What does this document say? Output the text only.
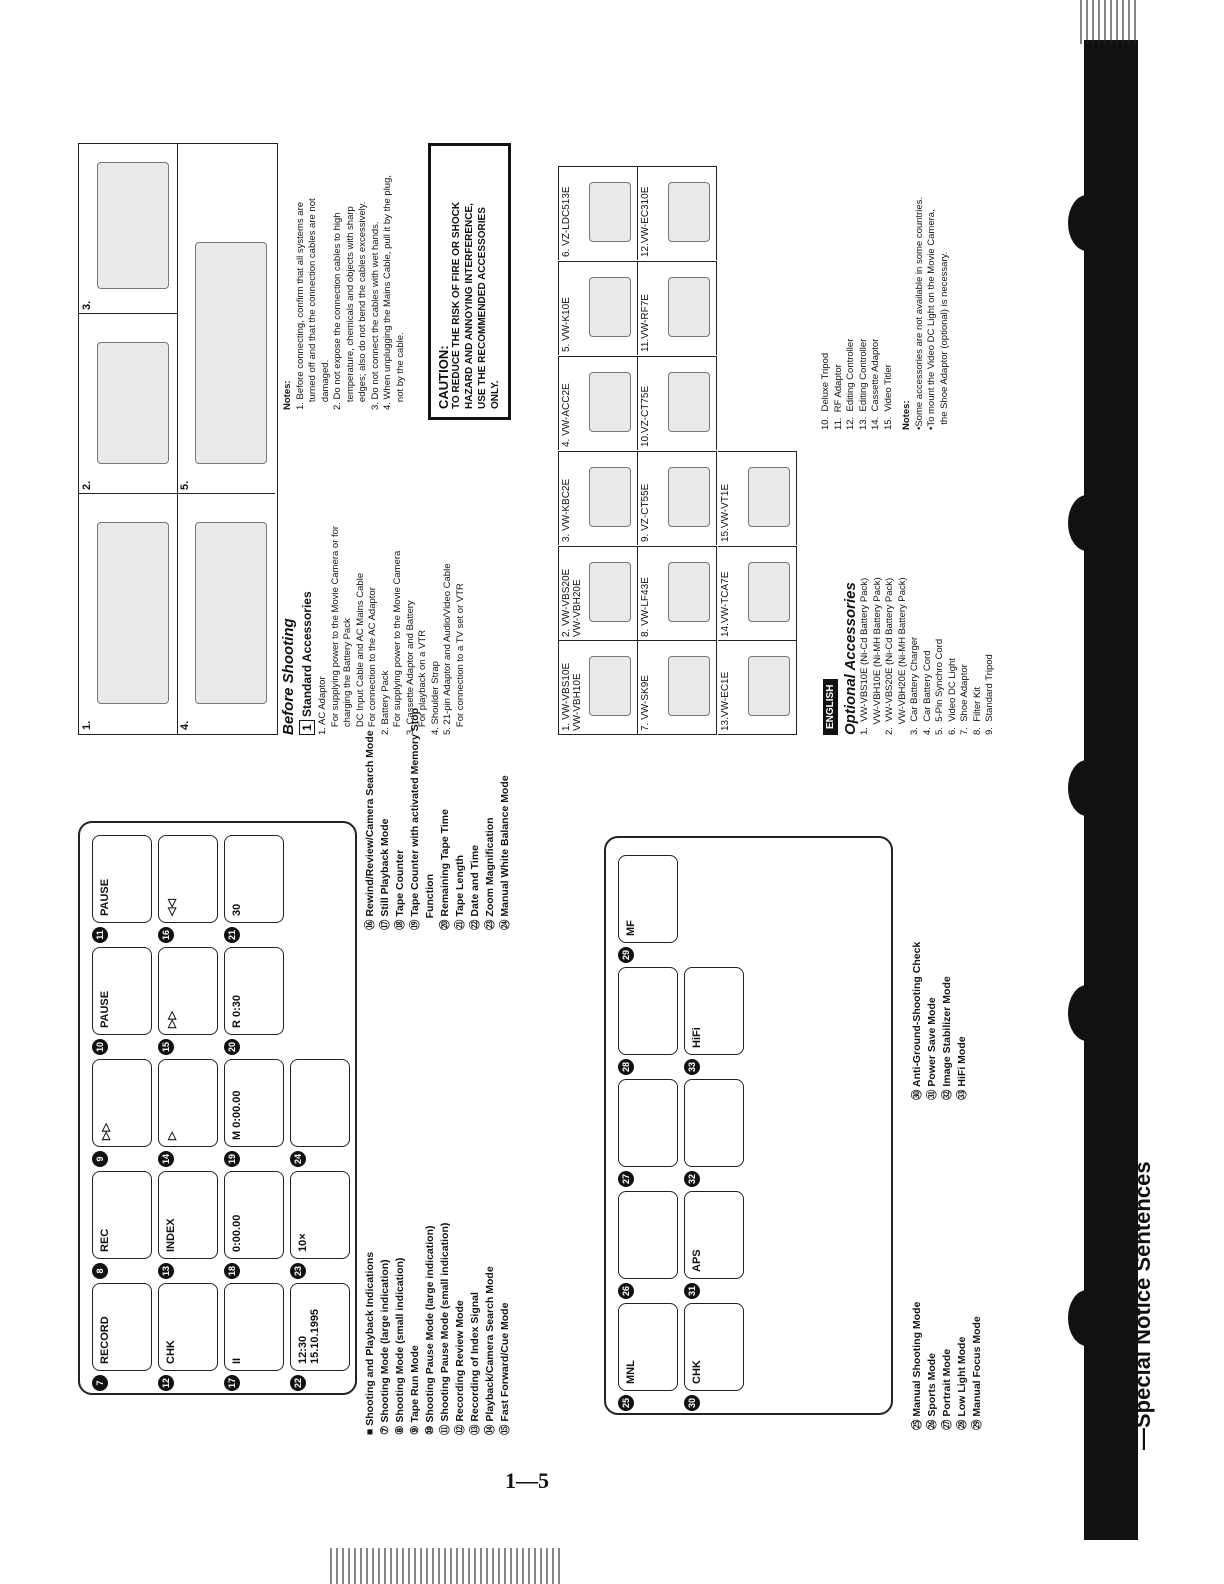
—Special Notice Sentences
1—5
7
RECORD
8
REC
9
▷▷
10
PAUSE
11
PAUSE
12
CHK
13
INDEX
14
▷
15
▷▷
16
◁◁
17
II
18
0:00.00
19
M 0:00.00
20
R 0:30
21
30
22
12:30 15.10.1995
23
10×
24
■ Shooting and Playback Indications ⑦ Shooting Mode (large indication) ⑧ Shooting Mode (small indication) ⑨ Tape Run Mode ⑩ Shooting Pause Mode (large indication) ⑪ Shooting Pause Mode (small indication) ⑫ Recording Review Mode ⑬ Recording of Index Signal ⑭ Playback/Camera Search Mode ⑮ Fast Forward/Cue Mode
⑯ Rewind/Review/Camera Search Mode ⑰ Still Playback Mode ⑱ Tape Counter ⑲ Tape Counter with activated Memory Stop Function ⑳ Remaining Tape Time ㉑ Tape Length ㉒ Date and Time ㉓ Zoom Magnification ㉔ Manual White Balance Mode
25
MNL
26
27
28
29
MF
30
CHK
31
APS
32
33
HiFi
㉕ Manual Shooting Mode ㉖ Sports Mode ㉗ Portrait Mode ㉘ Low Light Mode ㉙ Manual Focus Mode
㉚ Anti-Ground-Shooting Check ㉛ Power Save Mode ㉜ Image Stabilizer Mode ㉝ HiFi Mode
1.
2.
3.
4.
5.
Before Shooting 1 Standard Accessories 1. AC Adaptor For supplying power to the Movie Camera or for charging the Battery Pack DC Input Cable and AC Mains Cable For connection to the AC Adaptor 2. Battery Pack For supplying power to the Movie Camera 3. Cassette Adaptor and Battery For playback on a VTR 4. Shoulder Strap 5. 21-pin Adaptor and Audio/Video Cable For connection to a TV set or VTR
Notes: 1. Before connecting, confirm that all systems are turned off and that the connection cables are not damaged. 2. Do not expose the connection cables to high temperature, chemicals and objects with sharp edges; also do not bend the cables excessively. 3. Do not connect the cables with wet hands. 4. When unplugging the Mains Cable, pull it by the plug, not by the cable. CAUTION: TO REDUCE THE RISK OF FIRE OR SHOCK HAZARD AND ANNOYING INTERFERENCE, USE THE RECOMMENDED ACCESSORIES ONLY.
1. VW-VBS10E VW-VBH10E
2. VW-VBS20E VW-VBH20E
3. VW-KBC2E
4. VW-ACC2E
5. VW-K10E
6. VZ-LDC513E
7. VW-SK9E
8. VW-LF43E
9. VZ-CT55E
10.VZ-CT75E
11.VW-RF7E
12.VW-EC310E
13.VW-EC1E
14.VW-TCA7E
15.VW-VT1E
ENGLISH Optional Accessories 1.  VW-VBS10E (Ni-Cd Battery Pack) VW-VBH10E (Ni-MH Battery Pack) 2.  VW-VBS20E (Ni-Cd Battery Pack) VW-VBH20E (Ni-MH Battery Pack) 3.  Car Battery Charger 4.  Car Battery Cord 5.  5-Pin Synchro Cord 6.  Video DC Light 7.  Shoe Adaptor 8.  Filter Kit 9.  Standard Tripod
10.  Deluxe Tripod 11.  RF Adaptor 12.  Editing Controller 13.  Editing Controller 14.  Cassette Adaptor 15.  Video Titler Notes: •Some accessories are not available in some countries. •To mount the Video DC Light on the Movie Camera, the Shoe Adaptor (optional) is necessary.
